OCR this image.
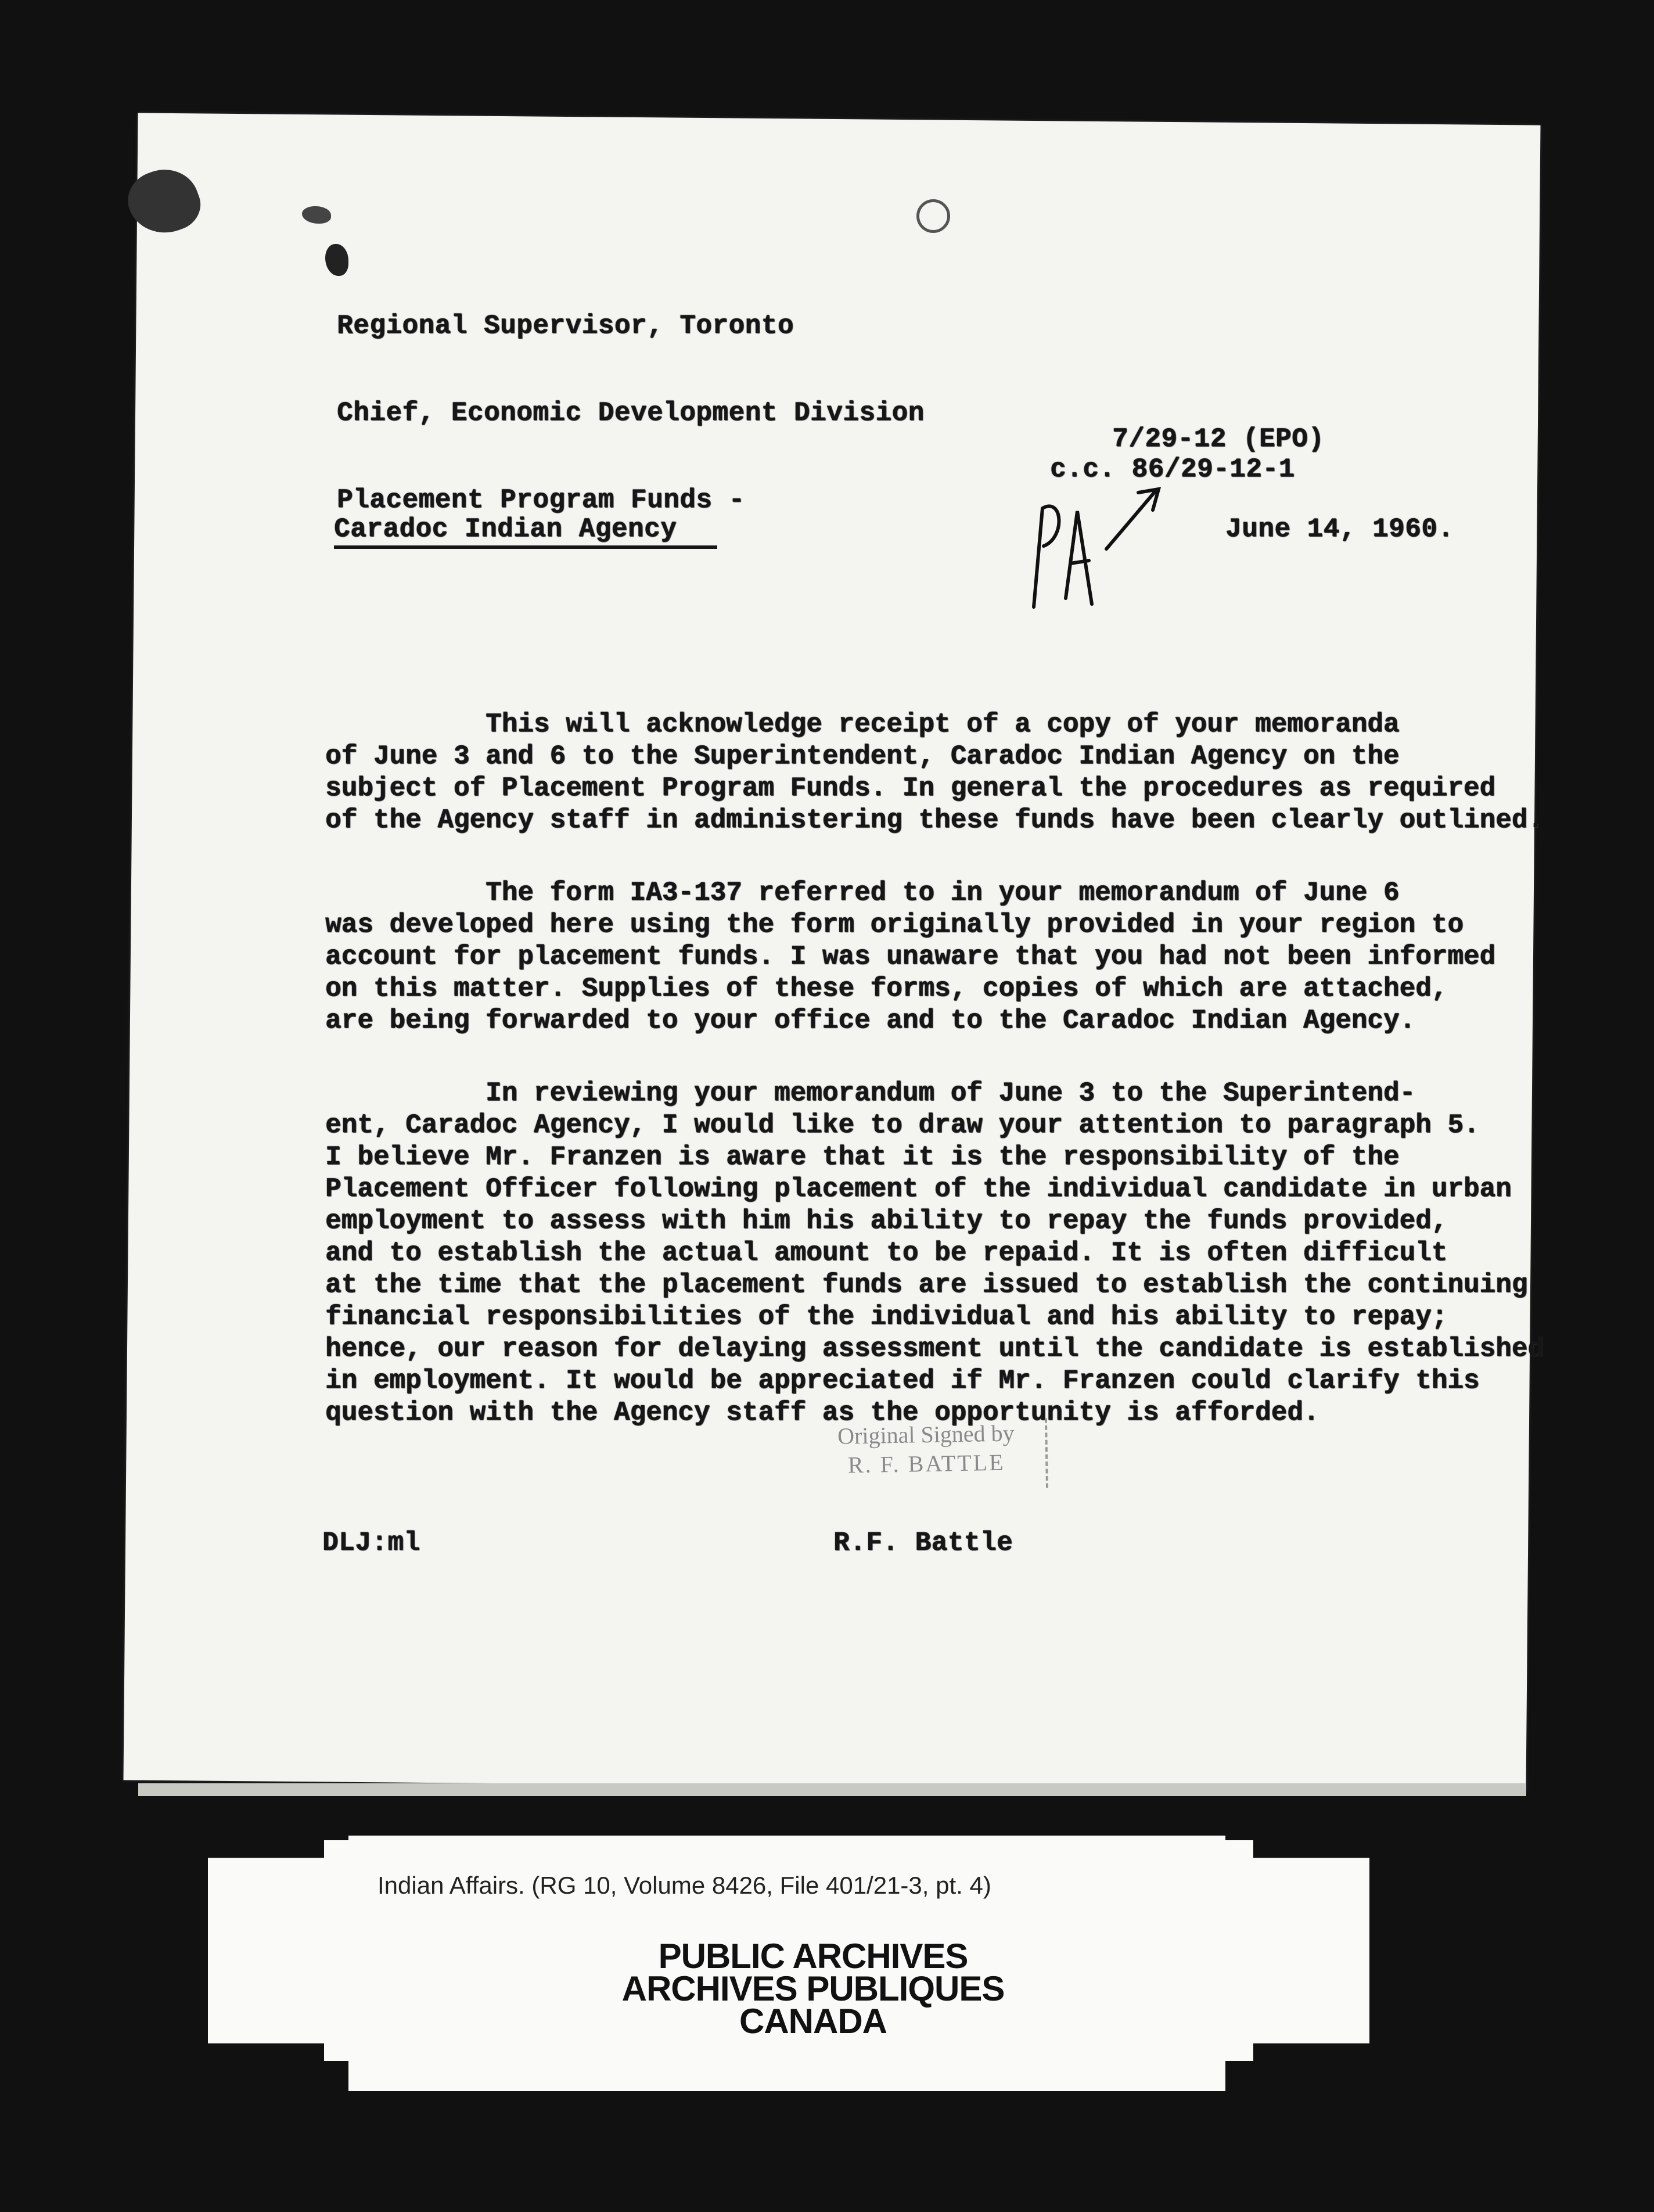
Regional Supervisor, Toronto
Chief, Economic Development Division
7/29-12 (EPO)
c.c. 86/29-12-1
Placement Program Funds -
Caradoc Indian Agency	June 14, 1960.

This will acknowledge receipt of a copy of your memoranda
of June 3 and 6 to the Superintendent, Caradoc Indian Agency on the
subject of Placement Program Funds. In general the procedures as required
of the Agency staff in administering these funds have been clearly

The form IA3-137 referred to in your memorandum of June 6
was developed here using the form originally provided in your region to
account for placement funds. I was unaware that you had not been informed
on this matter. Supplies of these forms, copies of which are attached,
are being forwarded to your office and to the Caradoc Indian Agency.

In reviewing your memorandum of June 3 to the Superintend-
ent, Caradoc Agency, I would like to draw your attention to paragraph
I believe Mr. Franzen is aware that it is the responsibility of the
Placement Officer following placement of the individual candidate in
employment to assess with him his ability to repay the funds provided,
and to establish the actual amount to be repaid. It is often difficult
at the time that the placement funds are issued to establish the continuing
financial responsibilities of the individual and his ability to repay;
hence, our reason for delaying assessment until the candidate is established
in employment. It would be appreciated if Mr. Franzen could clarify this
question with the Agency staff as the opportunity is afforded.

Original Signed by
R. F. BATTLE
DLJ:ml	R.F. Battle
Indian Affairs. (RG 10, Volume 8426, File 401/21-3, pt. 4)
PUBLIC ARCHIVES
ARCHIVES PUBLIQUES
CANADA
